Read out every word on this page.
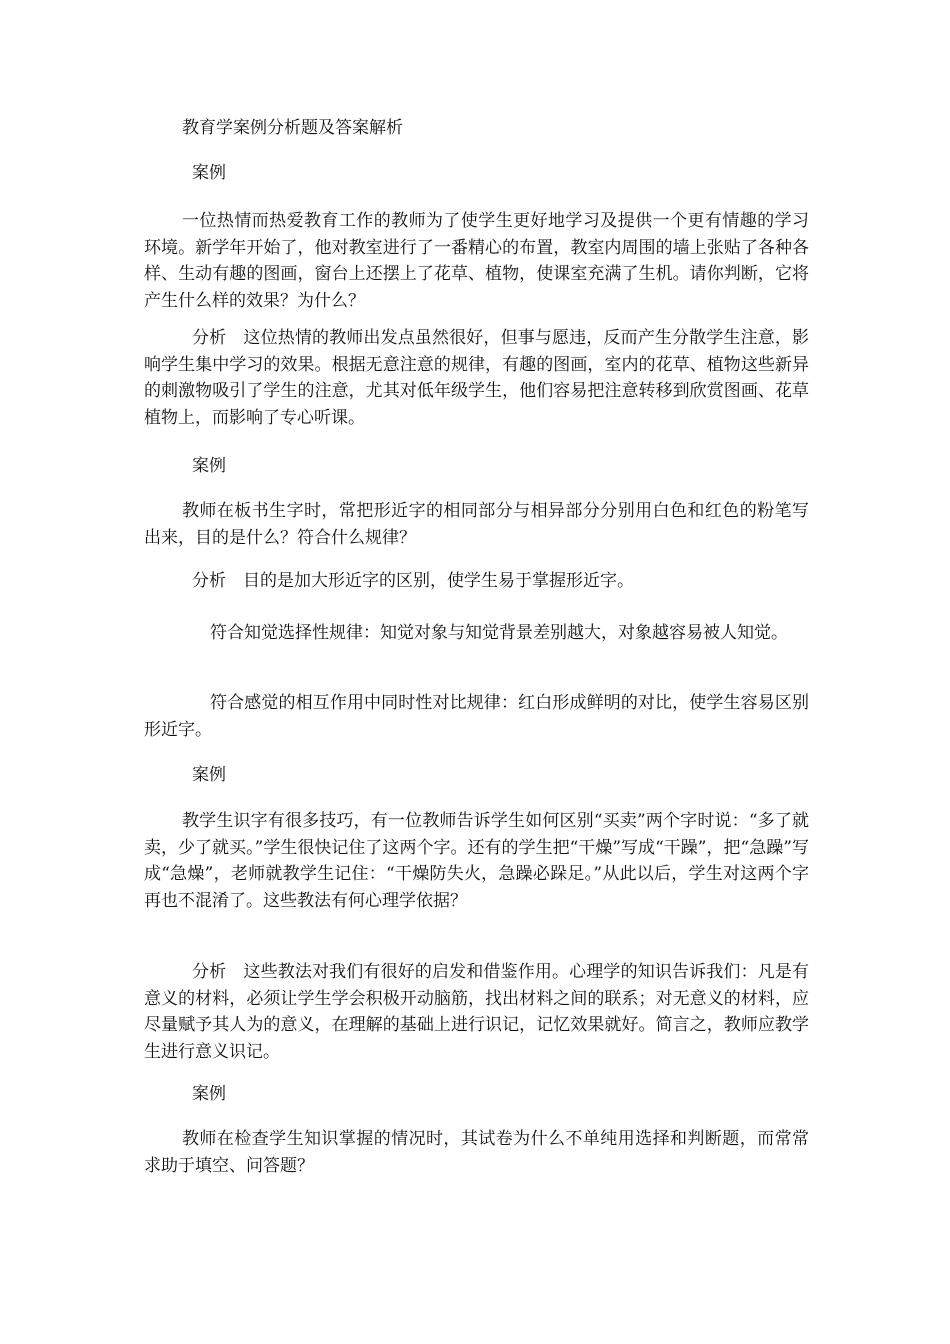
教育学案例分析题及答案解析
案例
一位热情而热爱教育工作的教师为了使学生更好地学习及提供一个更有情趣的学习环境。新学年开始了，他对教室进行了一番精心的布置，教室内周围的墙上张贴了各种各样、生动有趣的图画，窗台上还摆上了花草、植物，使课室充满了生机。请你判断，它将产生什么样的效果？为什么？
分析　这位热情的教师出发点虽然很好，但事与愿违，反而产生分散学生注意，影响学生集中学习的效果。根据无意注意的规律，有趣的图画，室内的花草、植物这些新异的刺激物吸引了学生的注意，尤其对低年级学生，他们容易把注意转移到欣赏图画、花草植物上，而影响了专心听课。
案例
教师在板书生字时，常把形近字的相同部分与相异部分分别用白色和红色的粉笔写出来，目的是什么？符合什么规律？
分析　目的是加大形近字的区别，使学生易于掌握形近字。
符合知觉选择性规律：知觉对象与知觉背景差别越大，对象越容易被人知觉。
符合感觉的相互作用中同时性对比规律：红白形成鲜明的对比，使学生容易区别形近字。
案例
教学生识字有很多技巧，有一位教师告诉学生如何区别“买卖”两个字时说：“多了就卖，少了就买。”学生很快记住了这两个字。还有的学生把“干燥”写成“干躁”，把“急躁”写成“急燥”，老师就教学生记住：“干燥防失火，急躁必跺足。”从此以后，学生对这两个字再也不混淆了。这些教法有何心理学依据？
分析　这些教法对我们有很好的启发和借鉴作用。心理学的知识告诉我们：凡是有意义的材料，必须让学生学会积极开动脑筋，找出材料之间的联系；对无意义的材料，应尽量赋予其人为的意义，在理解的基础上进行识记，记忆效果就好。简言之，教师应教学生进行意义识记。
案例
教师在检查学生知识掌握的情况时，其试卷为什么不单纯用选择和判断题，而常常求助于填空、问答题？
